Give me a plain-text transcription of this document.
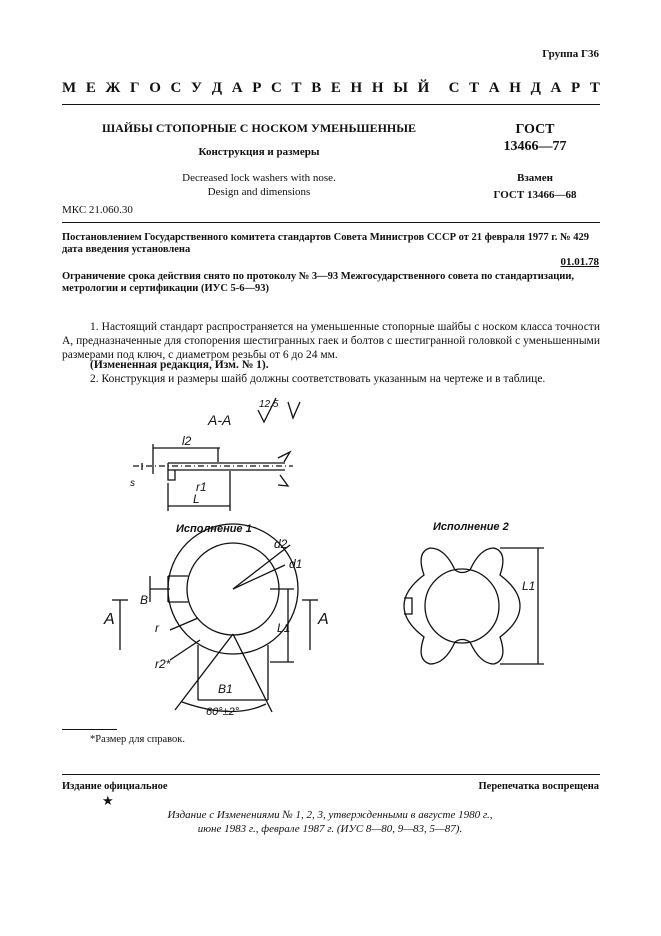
Группа Г36
М Е Ж Г О С У Д А Р С Т В Е Н Н Ы Й С Т А Н Д А Р Т
ШАЙБЫ СТОПОРНЫЕ С НОСКОМ УМЕНЬШЕННЫЕ
Конструкция и размеры
Decreased lock washers with nose.
Design and dimensions
ГОСТ
13466—77
Взамен
ГОСТ 13466—68
МКС 21.060.30
Постановлением Государственного комитета стандартов Совета Министров СССР от 21 февраля 1977 г. № 429 дата введения установлена
01.01.78
Ограничение срока действия снято по протоколу № 3—93 Межгосударственного совета по стандартизации, метрологии и сертификации (ИУС 5-6—93)
1. Настоящий стандарт распространяется на уменьшенные стопорные шайбы с носком класса точности А, предназначенные для стопорения шестигранных гаек и болтов с шестигранной головкой с уменьшенными размерами под ключ, с диаметром резьбы от 6 до 24 мм.
(Измененная редакция, Изм. № 1).
2. Конструкция и размеры шайб должны соответствовать указанным на чертеже и в таблице.
А-А
12,5
l2
L
s	r1
d2
d1
B
r
r2*
L1
B1
60°±2°
А	А
L1
Исполнение 1	Исполнение 2
*Размер для справок.
Издание официальное
★
Перепечатка воспрещена
Издание с Изменениями № 1, 2, 3, утвержденными в августе 1980 г.,
июне 1983 г., феврале 1987 г. (ИУС 8—80, 9—83, 5—87).
